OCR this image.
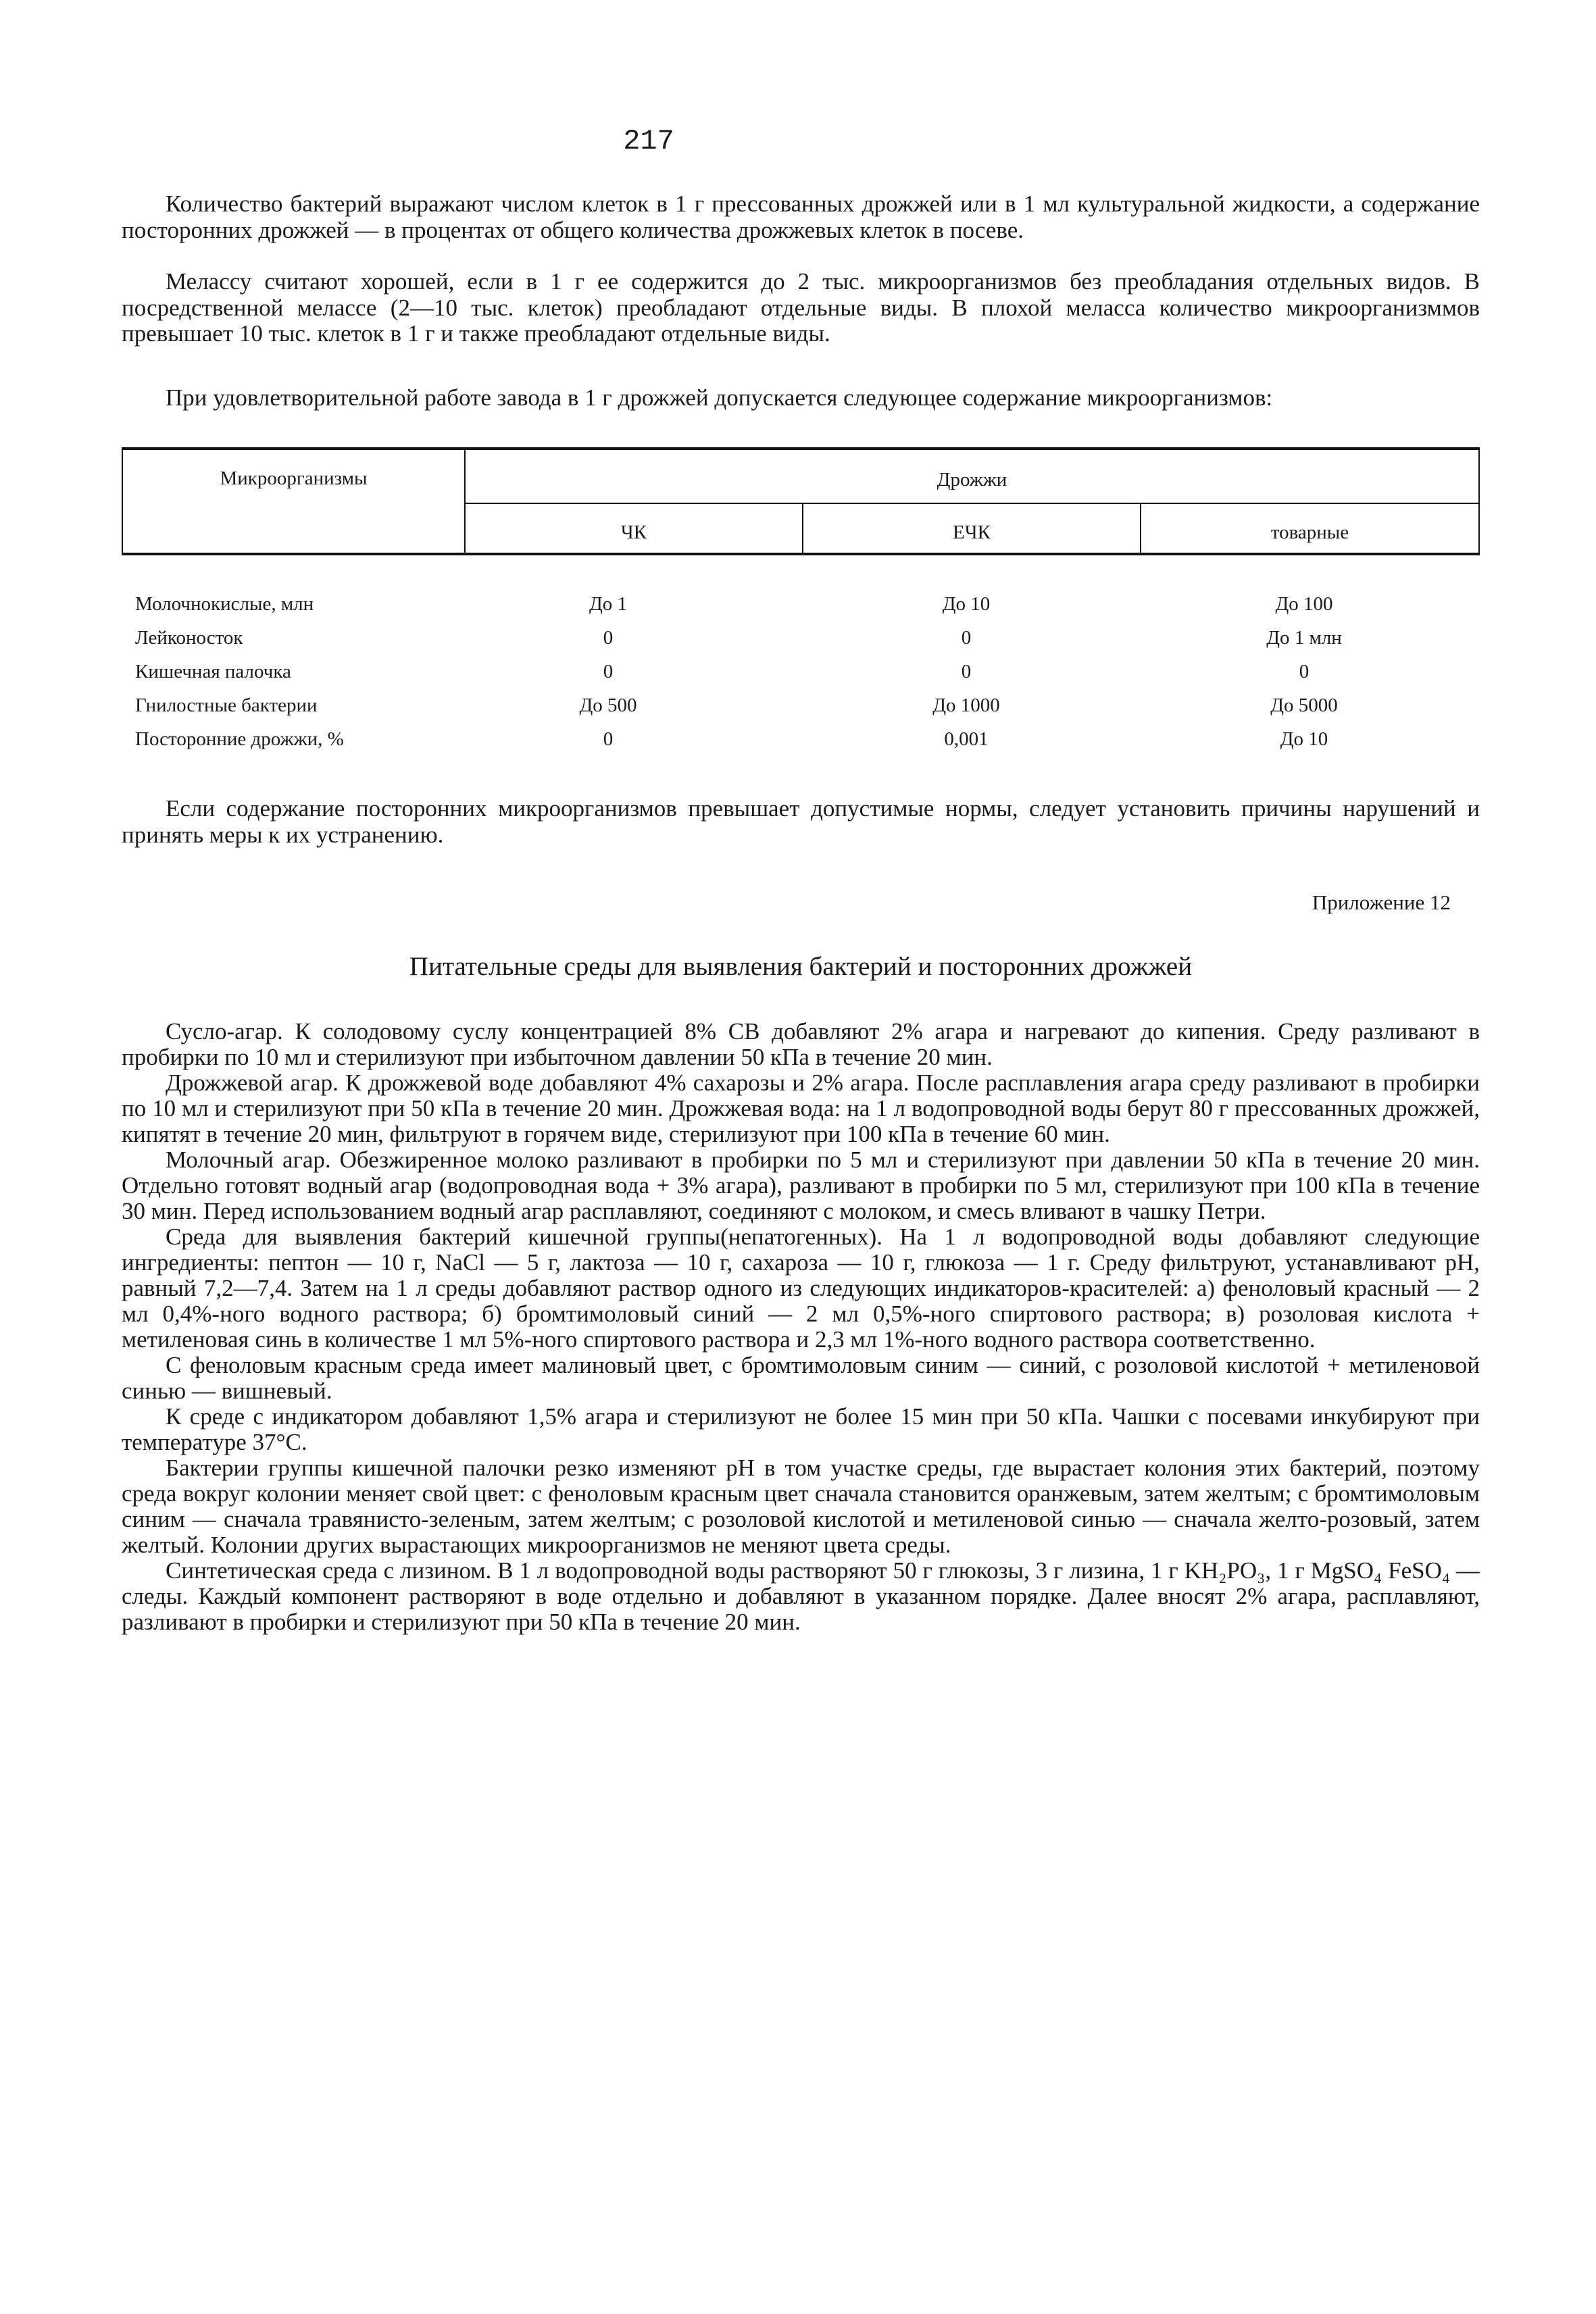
217

Количество бактерий выражают числом клеток в 1 г прессованных дрожжей или в 1 мл культуральной жидкости, а содержание посторонних дрожжей — в процентах от общего количества дрожжевых клеток в посеве.

Мелассу считают хорошей, если в 1 г ее содержится до 2 тыс. микроорганизмов без преобладания отдельных видов. В посредственной мелассе (2—10 тыс. клеток) преобладают отдельные виды. В плохой меласса количество микроорганизммов превышает 10 тыс. клеток в 1 г и также преобладают отдельные виды.

При удовлетворительной работе завода в 1 г дрожжей допускается следующее содержание микроорганизмов:

Микроорганизмы	Дрожжи
ЧК	ЕЧК	товарные
Молочнокислые, млн	До 1	До 10	До 100
Лейконосток	0	0	До 1 млн
Кишечная палочка	0	0	0
Гнилостные бактерии	До 500	До 1000	До 5000
Посторонние дрожжи, %	0	0,001	До 10

Если содержание посторонних микроорганизмов превышает допустимые нормы, следует установить причины нарушений и принять меры к их устранению.

Приложение 12
Питательные среды для выявления бактерий и посторонних дрожжей

Сусло-агар. К солодовому суслу концентрацией 8% СВ добавляют 2% агара и нагревают до кипения. Среду разливают в пробирки по 10 мл и стерилизуют при избыточном давлении 50 кПа в течение 20 мин.

Дрожжевой агар. К дрожжевой воде добавляют 4% сахарозы и 2% агара. После расплавления агара среду разливают в пробирки по 10 мл и стерилизуют при 50 кПа в течение 20 мин. Дрожжевая вода: на 1 л водопроводной воды берут 80 г прессованных дрожжей, кипятят в течение 20 мин, фильтруют в горячем виде, стерилизуют при 100 кПа в течение 60 мин.

Молочный агар. Обезжиренное молоко разливают в пробирки по 5 мл и стерилизуют при давлении 50 кПа в течение 20 мин. Отдельно готовят водный агар (водопроводная вода + 3% агара), разливают в пробирки по 5 мл, стерилизуют при 100 кПа в течение 30 мин. Перед использованием водный агар расплавляют, соединяют с молоком, и смесь вливают в чашку Петри.

Среда для выявления бактерий кишечной группы(непатогенных). На 1 л водопроводной воды добавляют следующие ингредиенты: пептон — 10 г, NaCl — 5 г, лактоза — 10 г, сахароза — 10 г, глюкоза — 1 г. Среду фильтруют, устанавливают pH, равный 7,2—7,4. Затем на 1 л среды добавляют раствор одного из следующих индикаторов-красителей: а) феноловый красный — 2 мл 0,4%-ного водного раствора; б) бромтимоловый синий — 2 мл 0,5%-ного спиртового раствора; в) розоловая кислота + метиленовая синь в количестве 1 мл 5%-ного спиртового раствора и 2,3 мл 1%-ного водного раствора соответственно.

С феноловым красным среда имеет малиновый цвет, с бромтимоловым синим — синий, с розоловой кислотой + метиленовой синью — вишневый.

К среде с индикатором добавляют 1,5% агара и стерилизуют не более 15 мин при 50 кПа. Чашки с посевами инкубируют при температуре 37°С.

Бактерии группы кишечной палочки резко изменяют pH в том участке среды, где вырастает колония этих бактерий, поэтому среда вокруг колонии меняет свой цвет: с феноловым красным цвет сначала становится оранжевым, затем желтым; с бромтимоловым синим — сначала травянисто-зеленым, затем желтым; с розоловой кислотой и метиленовой синью — сначала желто-розовый, затем желтый. Колонии других вырастающих микроорганизмов не меняют цвета среды.

Синтетическая среда с лизином. В 1 л водопроводной воды растворяют 50 г глюкозы, 3 г лизина, 1 г KH₂PO₃, 1 г MgSO₄ FeSO₄ — следы. Каждый компонент растворяют в воде отдельно и добавляют в указанном порядке. Далее вносят 2% агара, расплавляют, разливают в пробирки и стерилизуют при 50 кПа в течение 20 мин.
